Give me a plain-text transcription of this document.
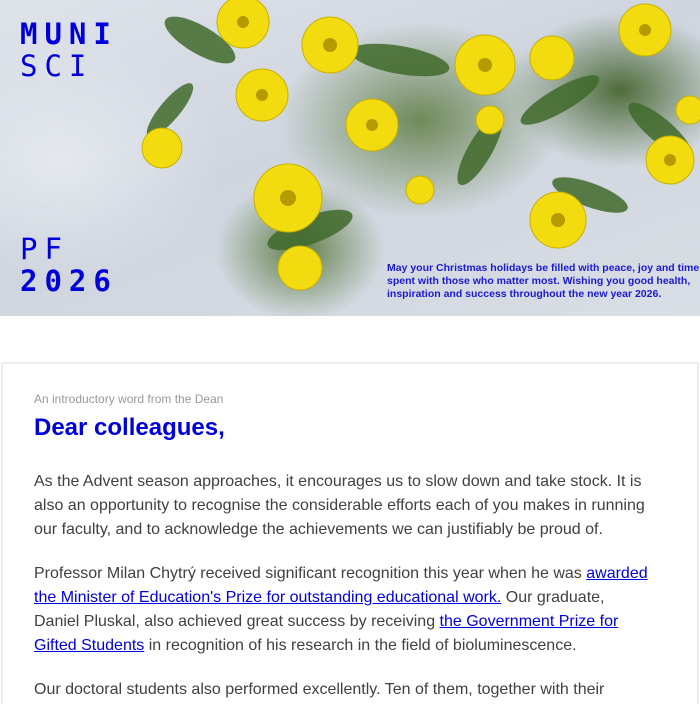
MUNI
SCI
PF
2026	May your Christmas holidays be filled with peace, joy and time spent with those who matter most. Wishing you good health, inspiration and success throughout the new year 2026.
An introductory word from the Dean
Dear colleagues,

As the Advent season approaches, it encourages us to slow down and take stock. It is also an opportunity to recognise the considerable efforts each of you makes in running our faculty, and to acknowledge the achievements we can justifiably be proud of.

Professor Milan Chytrý received significant recognition this year when he was awarded the Minister of Education's Prize for outstanding educational work. Our graduate, Daniel Pluskal, also achieved great success by receiving the Government Prize for Gifted Students in recognition of his research in the field of bioluminescence.

Our doctoral students also performed excellently. Ten of them, together with their
